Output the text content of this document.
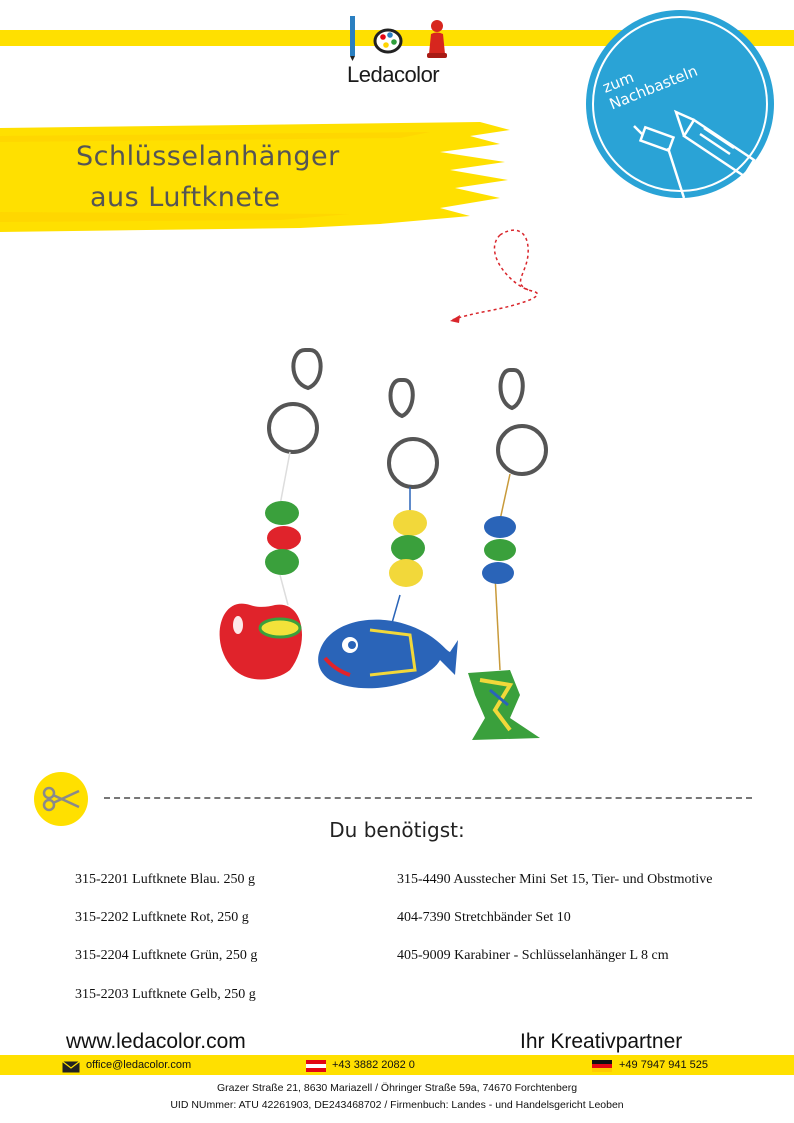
Ledacolor
Schlüsselanhänger
aus Luftknete
zum Nachbasteln
Du benötigst:
315-2201 Luftknete Blau. 250 g
315-2202 Luftknete Rot, 250 g
315-2204 Luftknete Grün, 250 g
315-2203 Luftknete Gelb, 250 g
315-4490 Ausstecher Mini Set 15, Tier- und Obstmotive
404-7390 Stretchbänder Set 10
405-9009 Karabiner - Schlüsselanhänger L 8 cm
www.ledacolor.com	Ihr Kreativpartner
office@ledacolor.com	+43 3882 2082 0	+49 7947 941 525
Grazer Straße 21, 8630 Mariazell / Öhringer Straße 59a, 74670 Forchtenberg
UID NUmmer: ATU 42261903, DE243468702 / Firmenbuch: Landes - und Handelsgericht Leoben
